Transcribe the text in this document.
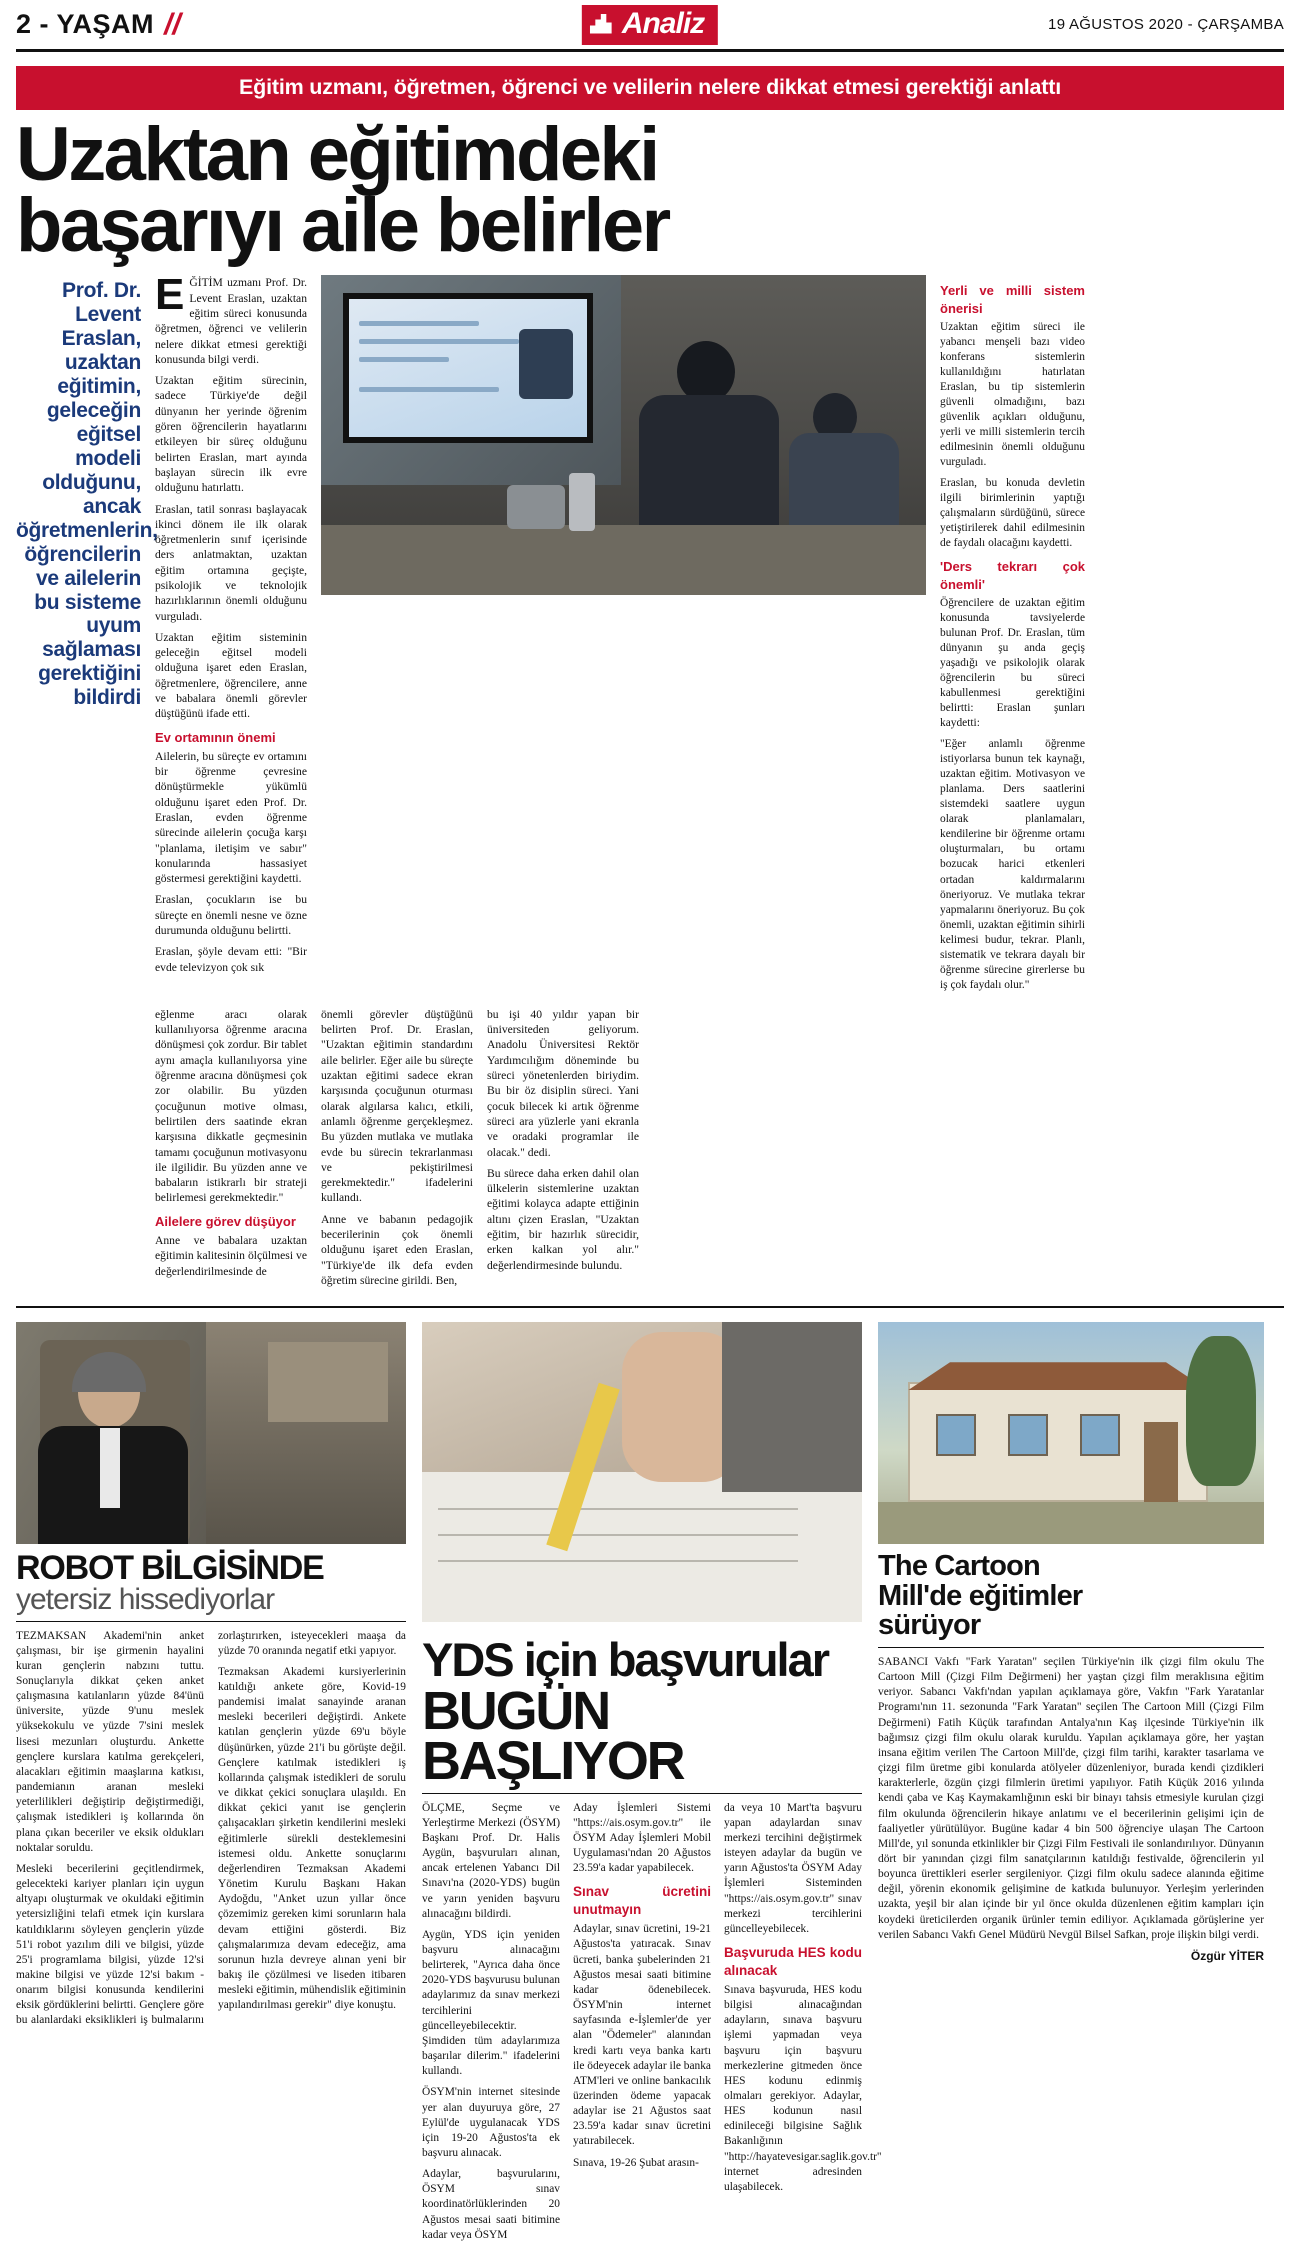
2 - YAŞAM //	Analiz	19 AĞUSTOS 2020 - ÇARŞAMBA
Eğitim uzmanı, öğretmen, öğrenci ve velilerin nelere dikkat etmesi gerektiği anlattı
Uzaktan eğitimdeki
başarıyı aile belirler
Prof. Dr. Levent Eraslan, uzaktan eğitimin, geleceğin eğitsel modeli olduğunu, ancak öğretmenlerin, öğrencilerin ve ailelerin bu sisteme uyum sağlaması gerektiğini bildirdi

EĞİTİM uzmanı Prof. Dr. Levent Eraslan, uzaktan eğitim süreci konusunda öğretmen, öğrenci ve velilerin nelere dikkat etmesi gerektiği konusunda bilgi verdi.

Uzaktan eğitim sürecinin, sadece Türkiye'de değil dünyanın her yerinde öğrenim gören öğrencilerin hayatlarını etkileyen bir süreç olduğunu belirten Eraslan, mart ayında başlayan sürecin ilk evre olduğunu hatırlattı.

Eraslan, tatil sonrası başlayacak ikinci dönem ile ilk olarak öğretmenlerin sınıf içerisinde ders anlatmaktan, uzaktan eğitim ortamına geçişte, psikolojik ve teknolojik hazırlıklarının önemli olduğunu vurguladı.

Uzaktan eğitim sisteminin geleceğin eğitsel modeli olduğuna işaret eden Eraslan, öğretmenlere, öğrencilere, anne ve babalara önemli görevler düştüğünü ifade etti.

Ev ortamının önemi

Ailelerin, bu süreçte ev ortamını bir öğrenme çevresine dönüştürmekle yükümlü olduğunu işaret eden Prof. Dr. Eraslan, evden öğrenme sürecinde ailelerin çocuğa karşı "planlama, iletişim ve sabır" konularında hassasiyet göstermesi gerektiğini kaydetti.

Eraslan, çocukların ise bu süreçte en önemli nesne ve özne durumunda olduğunu belirtti.

Eraslan, şöyle devam etti: "Bir evde televizyon çok sık

Yerli ve milli sistem önerisi

Uzaktan eğitim süreci ile yabancı menşeli bazı video konferans sistemlerin kullanıldığını hatırlatan Eraslan, bu tip sistemlerin güvenli olmadığını, bazı güvenlik açıkları olduğunu, yerli ve milli sistemlerin tercih edilmesinin önemli olduğunu vurguladı.

Eraslan, bu konuda devletin ilgili birimlerinin yaptığı çalışmaların sürdüğünü, sürece yetiştirilerek dahil edilmesinin de faydalı olacağını kaydetti.

'Ders tekrarı çok önemli'

Öğrencilere de uzaktan eğitim konusunda tavsiyelerde bulunan Prof. Dr. Eraslan, tüm dünyanın şu anda geçiş yaşadığı ve psikolojik olarak öğrencilerin bu süreci kabullenmesi gerektiğini belirtti: Eraslan şunları kaydetti:

"Eğer anlamlı öğrenme istiyorlarsa bunun tek kaynağı, uzaktan eğitim. Motivasyon ve planlama. Ders saatlerini sistemdeki saatlere uygun olarak planlamaları, kendilerine bir öğrenme ortamı oluşturmaları, bu ortamı bozucak harici etkenleri ortadan kaldırmalarını öneriyoruz. Ve mutlaka tekrar yapmalarını öneriyoruz. Bu çok önemli, uzaktan eğitimin sihirli kelimesi budur, tekrar. Planlı, sistematik ve tekrara dayalı bir öğrenme sürecine girerlerse bu iş çok faydalı olur."

eğlenme aracı olarak kullanılıyorsa öğrenme aracına dönüşmesi çok zordur. Bir tablet aynı amaçla kullanılıyorsa yine öğrenme aracına dönüşmesi çok zor olabilir. Bu yüzden çocuğunun motive olması, belirtilen ders saatinde ekran karşısına dikkatle geçmesinin tamamı çocuğunun motivasyonu ile ilgilidir. Bu yüzden anne ve babaların istikrarlı bir strateji belirlemesi gerekmektedir."

Ailelere görev düşüyor

Anne ve babalara uzaktan eğitimin kalitesinin ölçülmesi ve değerlendirilmesinde de

önemli görevler düştüğünü belirten Prof. Dr. Eraslan, "Uzaktan eğitimin standardını aile belirler. Eğer aile bu süreçte uzaktan eğitimi sadece ekran karşısında çocuğunun oturması olarak algılarsa kalıcı, etkili, anlamlı öğrenme gerçekleşmez. Bu yüzden mutlaka ve mutlaka evde bu sürecin tekrarlanması ve pekiştirilmesi gerekmektedir." ifadelerini kullandı.

Anne ve babanın pedagojik becerilerinin çok önemli olduğunu işaret eden Eraslan, "Türkiye'de ilk defa evden öğretim sürecine girildi. Ben,

bu işi 40 yıldır yapan bir üniversiteden geliyorum. Anadolu Üniversitesi Rektör Yardımcılığım döneminde bu süreci yönetenlerden biriydim. Bu bir öz disiplin süreci. Yani çocuk bilecek ki artık öğrenme süreci ara yüzlerle yani ekranla ve oradaki programlar ile olacak." dedi.

Bu sürece daha erken dahil olan ülkelerin sistemlerine uzaktan eğitimi kolayca adapte ettiğinin altını çizen Eraslan, "Uzaktan eğitim, bir hazırlık sürecidir, erken kalkan yol alır." değerlendirmesinde bulundu.

ROBOT BİLGİSİNDE
yetersiz hissediyorlar

TEZMAKSAN Akademi'nin anket çalışması, bir işe girmenin hayalini kuran gençlerin nabzını tuttu. Sonuçlarıyla dikkat çeken anket çalışmasına katılanların yüzde 84'ünü üniversite, yüzde 9'unu meslek yüksekokulu ve yüzde 7'sini meslek lisesi mezunları oluşturdu. Ankette gençlere kurslara katılma gerekçeleri, alacakları eğitimin maaşlarına katkısı, pandemianın aranan mesleki yeterlilikleri değiştirip değiştirmediği, çalışmak istedikleri iş kollarında ön plana çıkan beceriler ve eksik oldukları noktalar soruldu.

Mesleki becerilerini geçitlendirmek, gelecekteki kariyer planları için uygun altyapı oluşturmak ve okuldaki eğitimin yetersizliğini telafi etmek için kurslara katıldıklarını söyleyen gençlerin yüzde 51'i robot yazılım dili ve bilgisi, yüzde 25'i programlama bilgisi, yüzde 12'si makine bilgisi ve yüzde 12'si bakım -onarım bilgisi konusunda kendilerini eksik gördüklerini belirtti. Gençlere göre bu alanlardaki eksiklikleri iş bulmalarını zorlaştırırken, isteyecekleri maaşa da yüzde 70 oranında negatif etki yapıyor.

Tezmaksan Akademi kursiyerlerinin katıldığı ankete göre, Kovid-19 pandemisi imalat sanayinde aranan mesleki becerileri değiştirdi. Ankete katılan gençlerin yüzde 69'u böyle düşünürken, yüzde 21'i bu görüşte değil. Gençlere katılmak istedikleri iş kollarında çalışmak istedikleri de sorulu ve dikkat çekici sonuçlara ulaşıldı. En dikkat çekici yanıt ise gençlerin çalışacakları şirketin kendilerini mesleki eğitimlerle sürekli desteklemesini istemesi oldu. Ankette sonuçlarını değerlendiren Tezmaksan Akademi Yönetim Kurulu Başkanı Hakan Aydoğdu, "Anket uzun yıllar önce çözemimiz gereken kimi sorunların hala devam ettiğini gösterdi. Biz çalışmalarımıza devam edeceğiz, ama sorunun hızla devreye alınan yeni bir bakış ile çözülmesi ve liseden itibaren mesleki eğitimin, mühendislik eğitiminin yapılandırılması gerekir" diye konuştu.

YDS için başvurular
BUGÜN BAŞLIYOR

ÖLÇME, Seçme ve Yerleştirme Merkezi (ÖSYM) Başkanı Prof. Dr. Halis Aygün, başvuruları alınan, ancak ertelenen Yabancı Dil Sınavı'na (2020-YDS) bugün ve yarın yeniden başvuru alınacağını bildirdi.

Aygün, YDS için yeniden başvuru alınacağını belirterek, "Ayrıca daha önce 2020-YDS başvurusu bulunan adaylarımız da sınav merkezi tercihlerini güncelleyebilecektir. Şimdiden tüm adaylarımıza başarılar dilerim." ifadelerini kullandı.

ÖSYM'nin internet sitesinde yer alan duyuruya göre, 27 Eylül'de uygulanacak YDS için 19-20 Ağustos'ta ek başvuru alınacak.

Adaylar, başvurularını, ÖSYM sınav koordinatörlüklerinden 20 Ağustos mesai saati bitimine kadar veya ÖSYM

Aday İşlemleri Sistemi "https://ais.osym.gov.tr" ile ÖSYM Aday İşlemleri Mobil Uygulaması'ndan 20 Ağustos 23.59'a kadar yapabilecek.

Sınav ücretini unutmayın

Adaylar, sınav ücretini, 19-21 Ağustos'ta yatıracak. Sınav ücreti, banka şubelerinden 21 Ağustos mesai saati bitimine kadar ödenebilecek. ÖSYM'nin internet sayfasında e-İşlemler'de yer alan "Ödemeler" alanından kredi kartı veya banka kartı ile ödeyecek adaylar ile banka ATM'leri ve online bankacılık üzerinden ödeme yapacak adaylar ise 21 Ağustos saat 23.59'a kadar sınav ücretini yatırabilecek.

Sınava, 19-26 Şubat arasın-

da veya 10 Mart'ta başvuru yapan adaylardan sınav merkezi tercihini değiştirmek isteyen adaylar da bugün ve yarın Ağustos'ta ÖSYM Aday İşlemleri Sisteminden "https://ais.osym.gov.tr" sınav merkezi tercihlerini güncelleyebilecek.

Başvuruda HES kodu alınacak

Sınava başvuruda, HES kodu bilgisi alınacağından adayların, sınava başvuru işlemi yapmadan veya başvuru için başvuru merkezlerine gitmeden önce HES kodunu edinmiş olmaları gerekiyor. Adaylar, HES kodunun nasıl edinileceği bilgisine Sağlık Bakanlığının "http://hayatevesigar.saglik.gov.tr" internet adresinden ulaşabilecek.

The Cartoon
Mill'de eğitimler
sürüyor

SABANCI Vakfı "Fark Yaratan" seçilen Türkiye'nin ilk çizgi film okulu The Cartoon Mill (Çizgi Film Değirmeni) her yaştan çizgi film meraklısına eğitim veriyor. Sabancı Vakfı'ndan yapılan açıklamaya göre, Vakfın "Fark Yaratanlar Programı'nın 11. sezonunda "Fark Yaratan" seçilen The Cartoon Mill (Çizgi Film Değirmeni) Fatih Küçük tarafından Antalya'nın Kaş ilçesinde Türkiye'nin ilk bağımsız çizgi film okulu olarak kuruldu. Yapılan açıklamaya göre, her yaştan insana eğitim verilen The Cartoon Mill'de, çizgi film tarihi, karakter tasarlama ve çizgi film üretme gibi konularda atölyeler düzenleniyor, burada kendi çizdikleri karakterlerle, özgün çizgi filmlerin üretimi yapılıyor. Fatih Küçük 2016 yılında kendi çaba ve Kaş Kaymakamlığının eski bir binayı tahsis etmesiyle kurulan çizgi film okulunda öğrencilerin hikaye anlatımı ve el becerilerinin gelişimi için de faaliyetler yürütülüyor. Bugüne kadar 4 bin 500 öğrenciye ulaşan The Cartoon Mill'de, yıl sonunda etkinlikler bir Çizgi Film Festivali ile sonlandırılıyor. Dünyanın dört bir yanından çizgi film sanatçılarının katıldığı festivalde, öğrencilerin yıl boyunca ürettikleri eserler sergileniyor. Çizgi film okulu sadece alanında eğitime değil, yörenin ekonomik gelişimine de katkıda bulunuyor. Yerleşim yerlerinden uzakta, yeşil bir alan içinde bir yıl önce okulda düzenlenen eğitim kampları için koydeki üreticilerden organik ürünler temin ediliyor. Açıklamada görüşlerine yer verilen Sabancı Vakfı Genel Müdürü Nevgül Bilsel Safkan, proje ilişkin bilgi verdi.

Özgür YİTER
